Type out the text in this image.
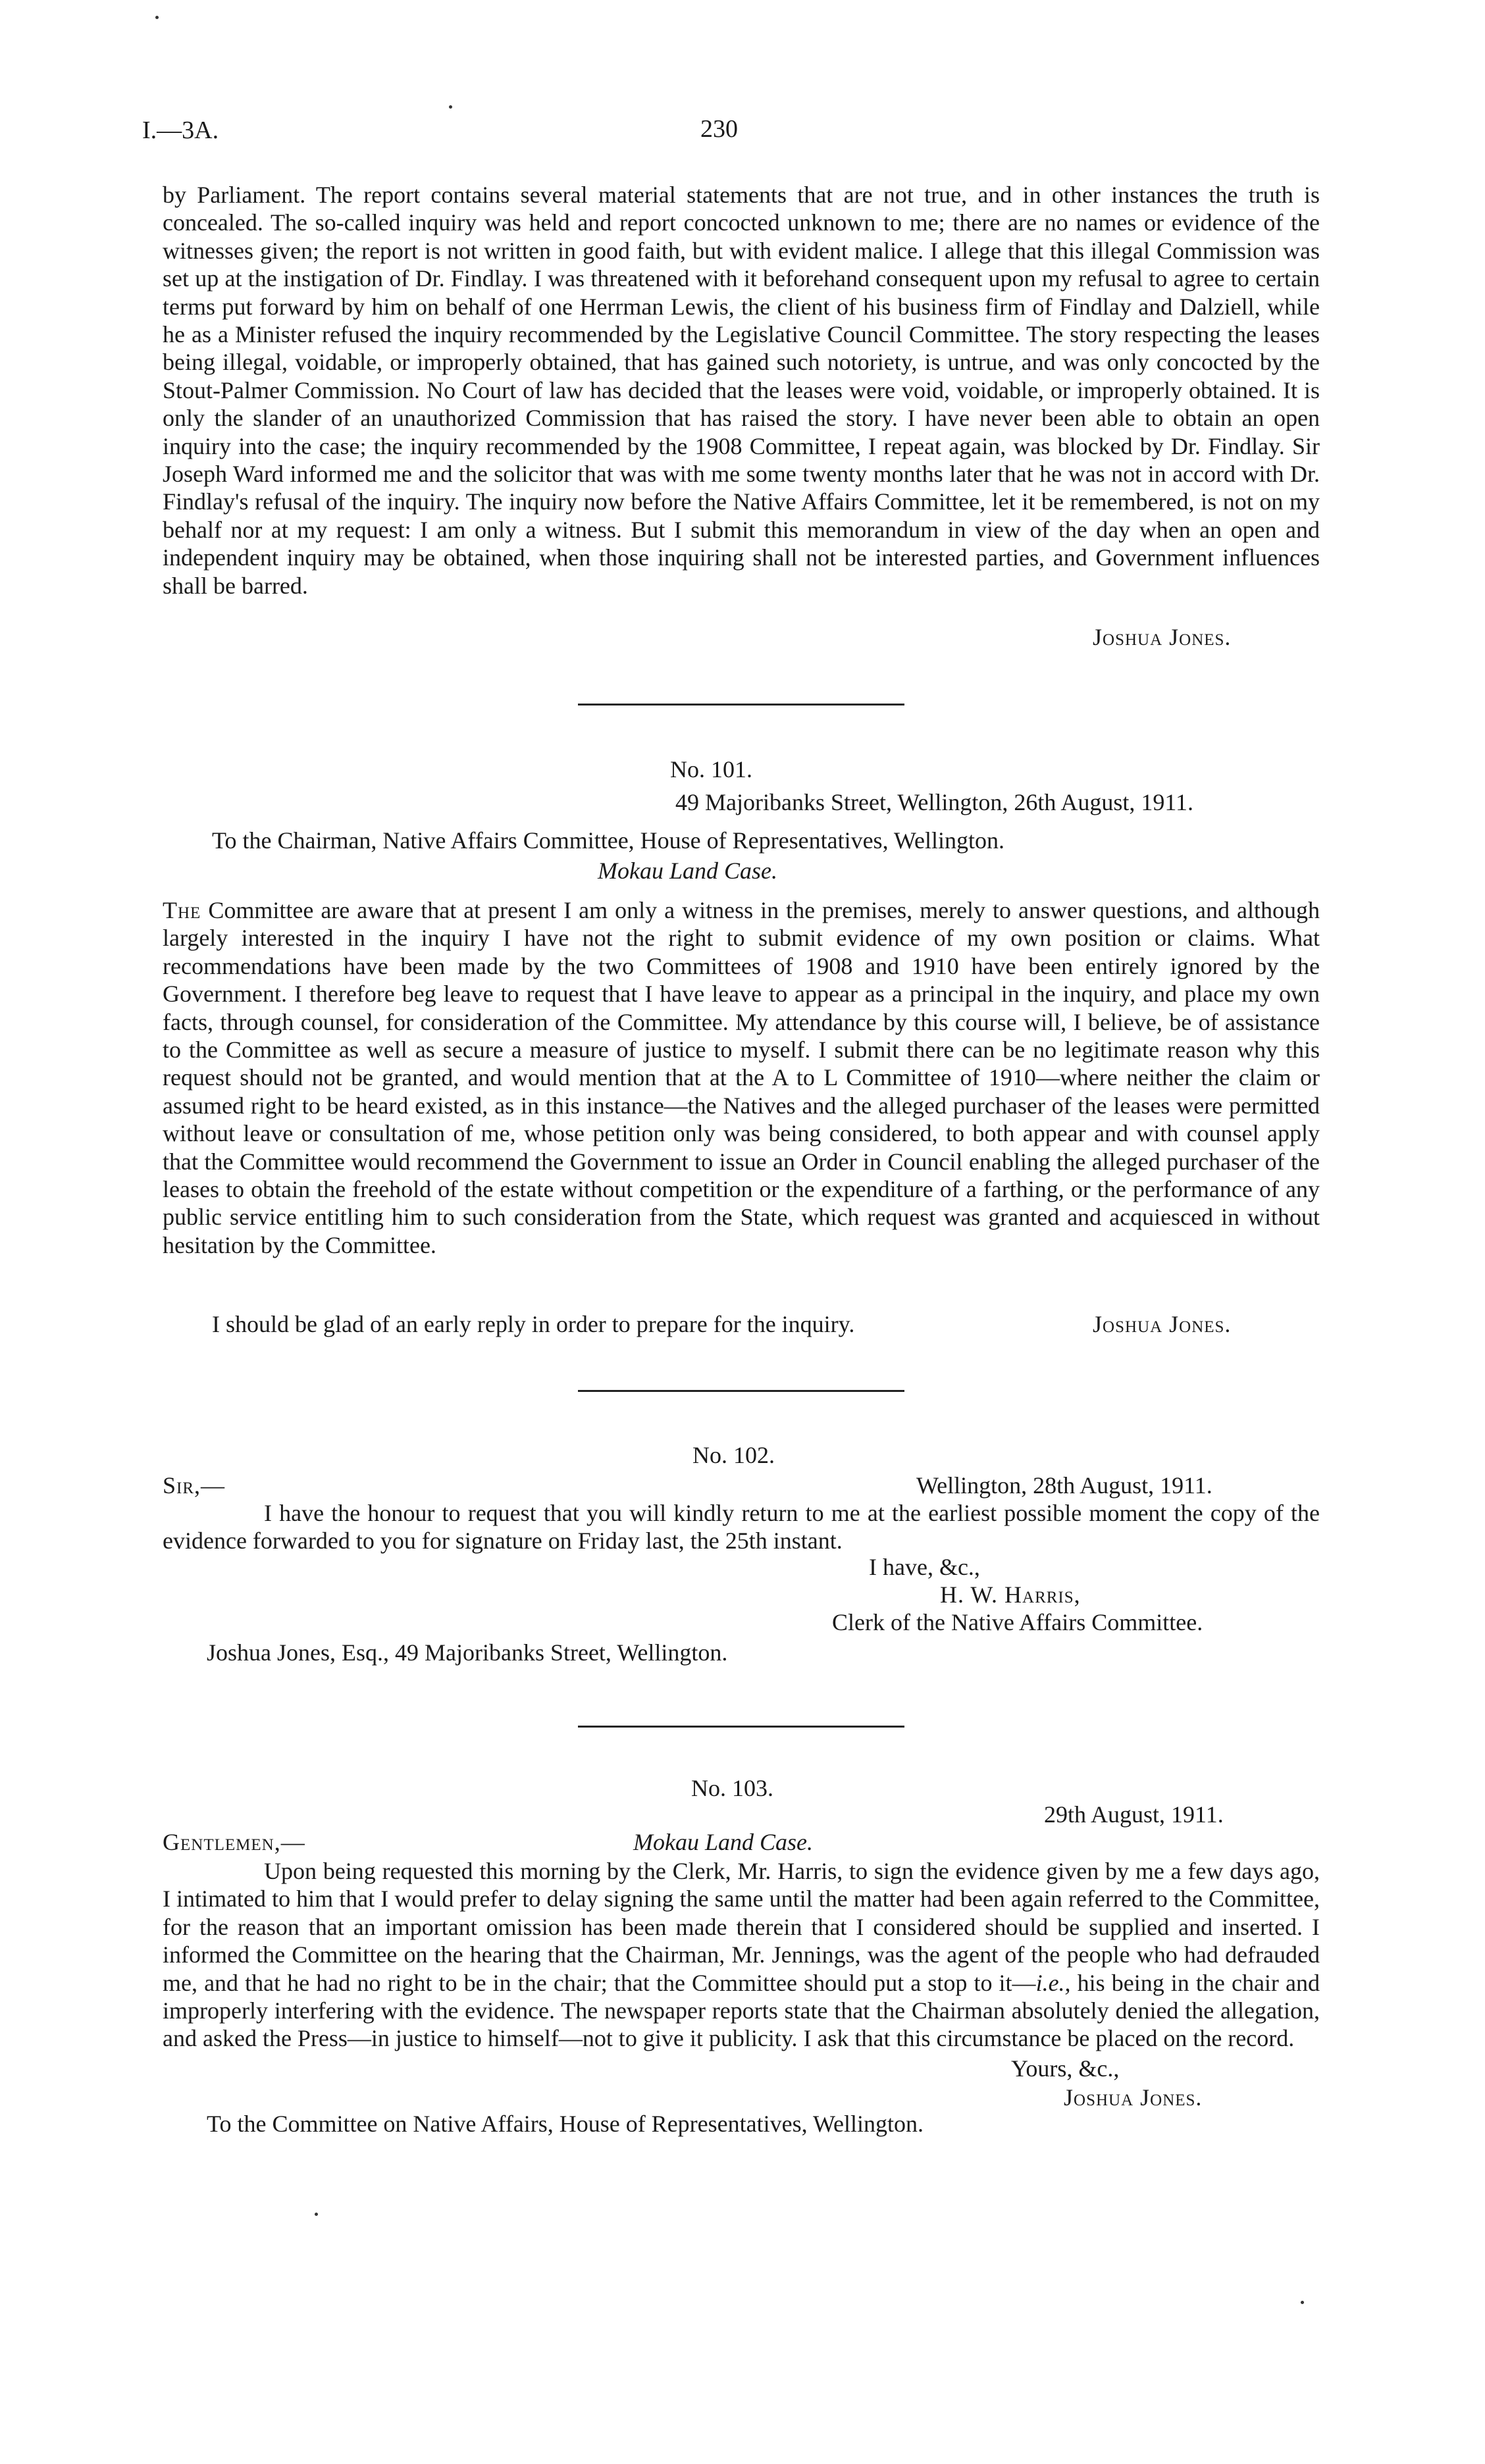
I.—3A.	230

by Parliament. The report contains several material statements that are not true, and in other instances the truth is concealed. The so-called inquiry was held and report concocted unknown to me; there are no names or evidence of the witnesses given; the report is not written in good faith, but with evident malice. I allege that this illegal Commission was set up at the instigation of Dr. Findlay. I was threatened with it beforehand consequent upon my refusal to agree to certain terms put forward by him on behalf of one Herrman Lewis, the client of his business firm of Findlay and Dalziell, while he as a Minister refused the inquiry recommended by the Legislative Council Committee. The story respecting the leases being illegal, voidable, or improperly obtained, that has gained such notoriety, is untrue, and was only concocted by the Stout-Palmer Commission. No Court of law has decided that the leases were void, voidable, or improperly obtained. It is only the slander of an unauthorized Commission that has raised the story. I have never been able to obtain an open inquiry into the case; the inquiry recommended by the 1908 Committee, I repeat again, was blocked by Dr. Findlay. Sir Joseph Ward informed me and the solicitor that was with me some twenty months later that he was not in accord with Dr. Findlay's refusal of the inquiry. The inquiry now before the Native Affairs Committee, let it be remembered, is not on my behalf nor at my request: I am only a witness. But I submit this memorandum in view of the day when an open and independent inquiry may be obtained, when those inquiring shall not be interested parties, and Government influences shall be barred.

Joshua Jones.
No. 101.
49 Majoribanks Street, Wellington, 26th August, 1911.
To the Chairman, Native Affairs Committee, House of Representatives, Wellington.
Mokau Land Case.

The Committee are aware that at present I am only a witness in the premises, merely to answer questions, and although largely interested in the inquiry I have not the right to submit evidence of my own position or claims. What recommendations have been made by the two Committees of 1908 and 1910 have been entirely ignored by the Government. I therefore beg leave to request that I have leave to appear as a principal in the inquiry, and place my own facts, through counsel, for consideration of the Committee. My attendance by this course will, I believe, be of assistance to the Committee as well as secure a measure of justice to myself. I submit there can be no legitimate reason why this request should not be granted, and would mention that at the A to L Committee of 1910—where neither the claim or assumed right to be heard existed, as in this instance—the Natives and the alleged purchaser of the leases were permitted without leave or consultation of me, whose petition only was being considered, to both appear and with counsel apply that the Committee would recommend the Government to issue an Order in Council enabling the alleged purchaser of the leases to obtain the freehold of the estate without competition or the expenditure of a farthing, or the performance of any public service entitling him to such consideration from the State, which request was granted and acquiesced in without hesitation by the Committee.

I should be glad of an early reply in order to prepare for the inquiry.	Joshua Jones.
No. 102.
Sir,—	Wellington, 28th August, 1911.

I have the honour to request that you will kindly return to me at the earliest possible moment the copy of the evidence forwarded to you for signature on Friday last, the 25th instant.

I have, &c.,
H. W. Harris,
Clerk of the Native Affairs Committee.
Joshua Jones, Esq., 49 Majoribanks Street, Wellington.
No. 103.
29th August, 1911.
Gentlemen,—	Mokau Land Case.

Upon being requested this morning by the Clerk, Mr. Harris, to sign the evidence given by me a few days ago, I intimated to him that I would prefer to delay signing the same until the matter had been again referred to the Committee, for the reason that an important omission has been made therein that I considered should be supplied and inserted. I informed the Committee on the hearing that the Chairman, Mr. Jennings, was the agent of the people who had defrauded me, and that he had no right to be in the chair; that the Committee should put a stop to it—i.e., his being in the chair and improperly interfering with the evidence. The newspaper reports state that the Chairman absolutely denied the allegation, and asked the Press—in justice to himself—not to give it publicity. I ask that this circumstance be placed on the record.

Yours, &c.,
Joshua Jones.
To the Committee on Native Affairs, House of Representatives, Wellington.
